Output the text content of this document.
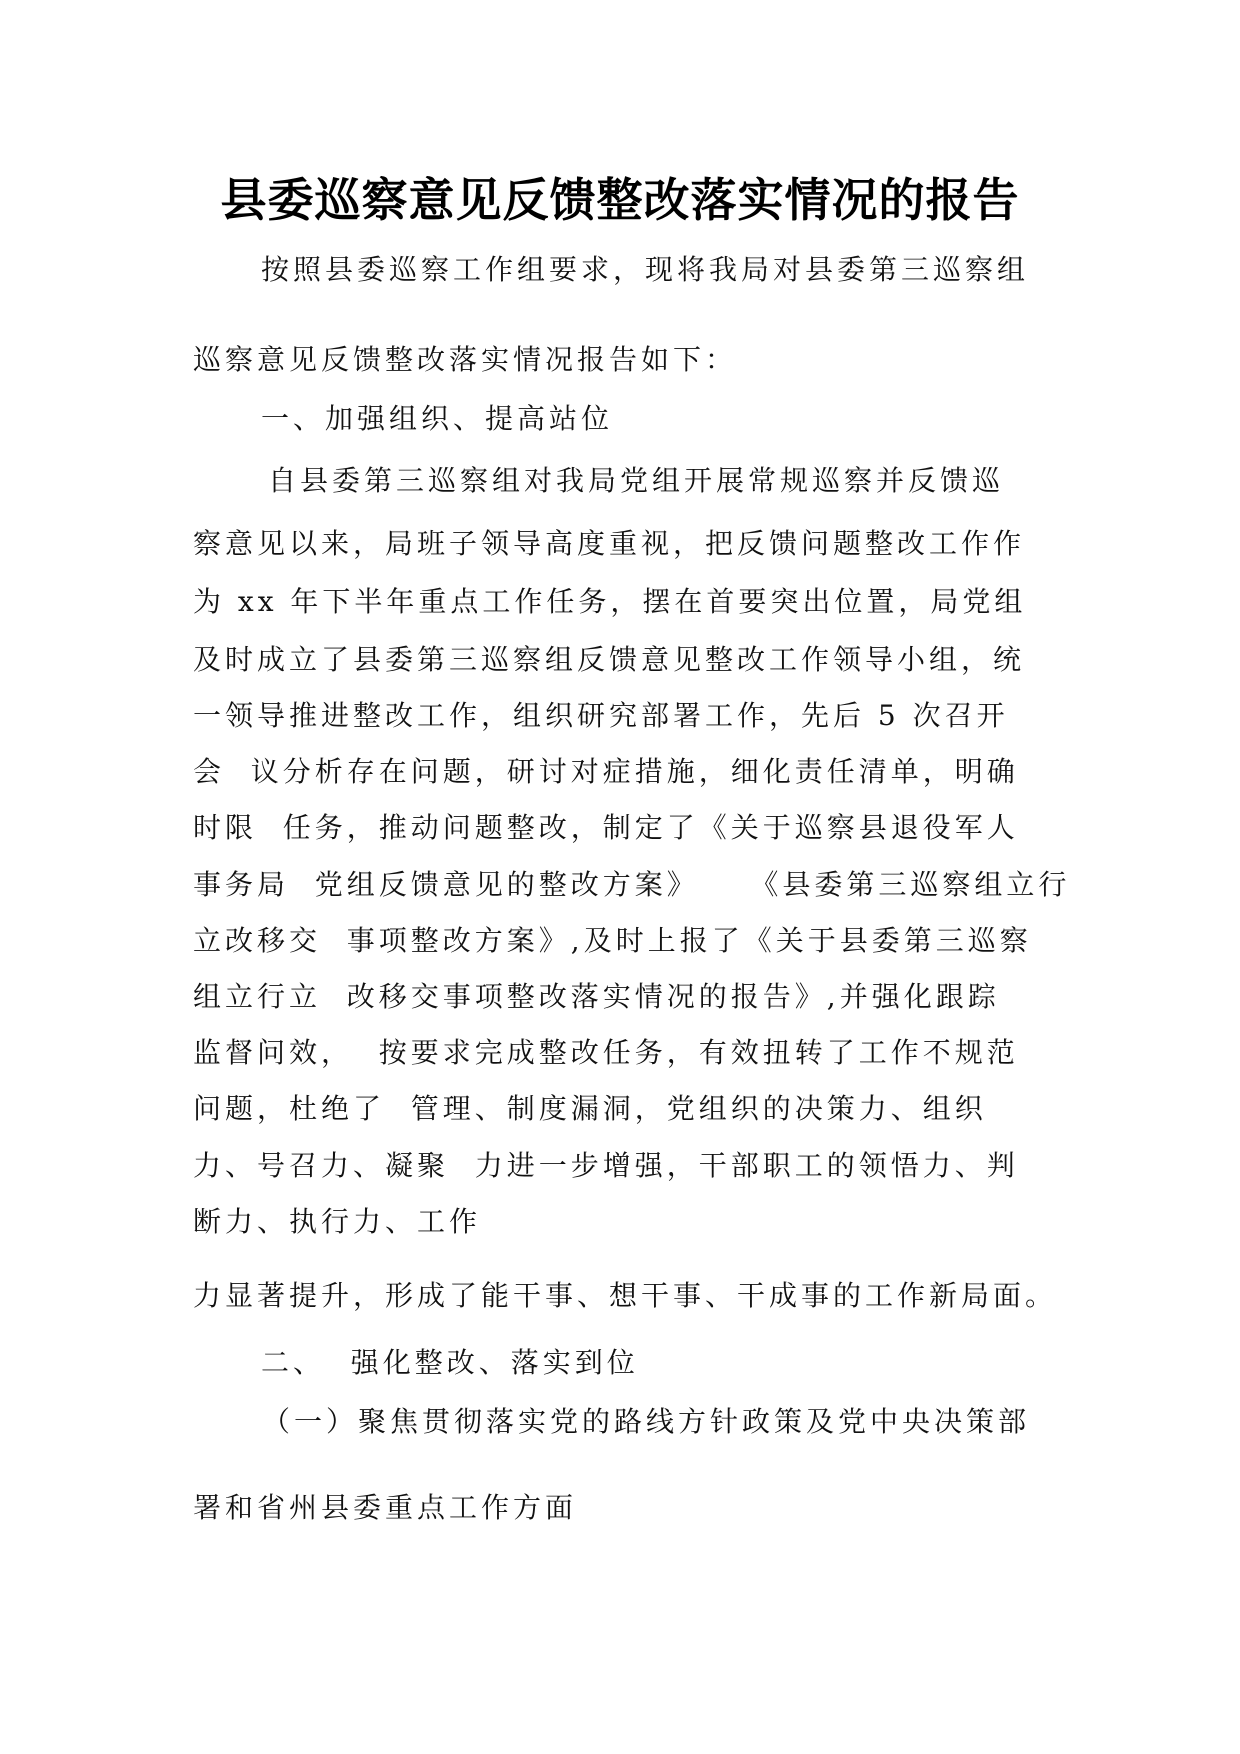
县委巡察意见反馈整改落实情况的报告
按照县委巡察工作组要求，现将我局对县委第三巡察组
巡察意见反馈整改落实情况报告如下：
一、加强组织、提高站位
自县委第三巡察组对我局党组开展常规巡察并反馈巡
察意见以来，局班子领导高度重视，把反馈问题整改工作作
为 xx 年下半年重点工作任务，摆在首要突出位置，局党组
及时成立了县委第三巡察组反馈意见整改工作领导小组，统
一领导推进整改工作，组织研究部署工作，先后 5 次召开
会  议分析存在问题，研讨对症措施，细化责任清单，明确
时限  任务，推动问题整改，制定了《关于巡察县退役军人
事务局  党组反馈意见的整改方案》    《县委第三巡察组立行
立改移交  事项整改方案》,及时上报了《关于县委第三巡察
组立行立  改移交事项整改落实情况的报告》,并强化跟踪
监督问效，  按要求完成整改任务，有效扭转了工作不规范
问题，杜绝了  管理、制度漏洞，党组织的决策力、组织
力、号召力、凝聚  力进一步增强，干部职工的领悟力、判
断力、执行力、工作
力显著提升，形成了能干事、想干事、干成事的工作新局面。
二、  强化整改、落实到位
（一）聚焦贯彻落实党的路线方针政策及党中央决策部
署和省州县委重点工作方面
